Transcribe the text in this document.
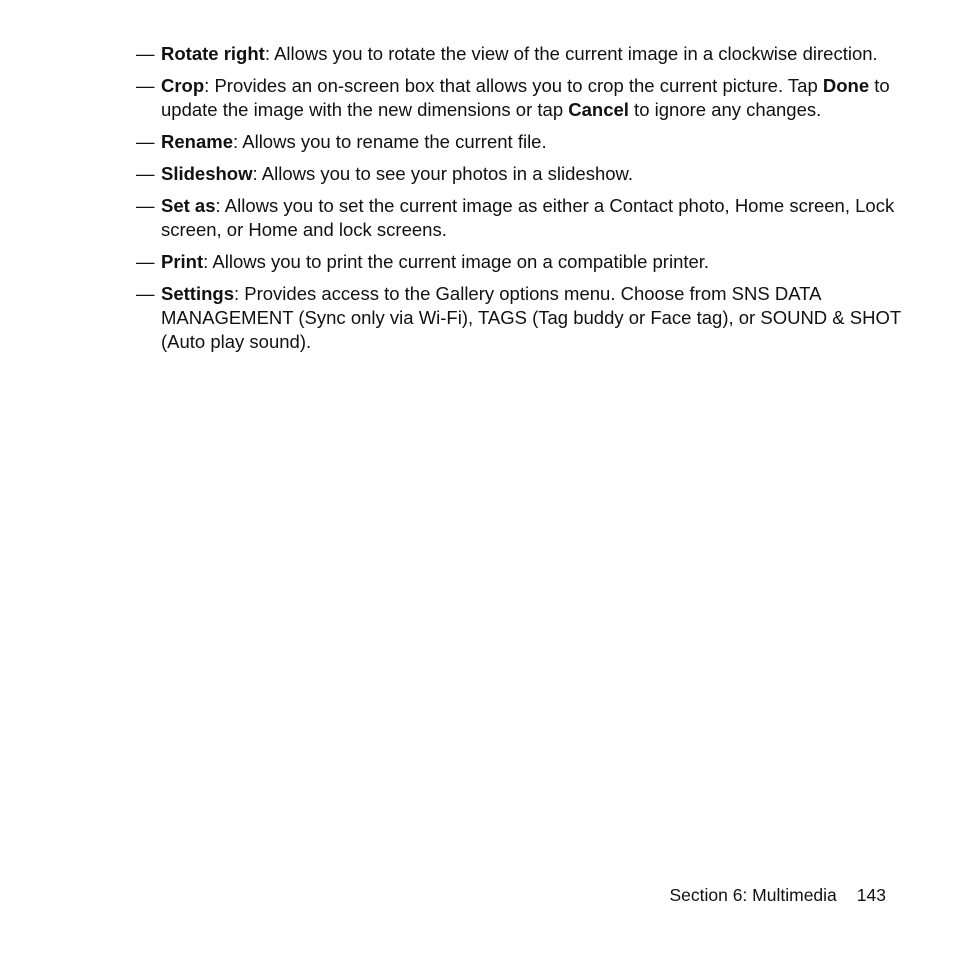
— Rotate right: Allows you to rotate the view of the current image in a clockwise direction.
— Crop: Provides an on-screen box that allows you to crop the current picture. Tap Done to update the image with the new dimensions or tap Cancel to ignore any changes.
— Rename: Allows you to rename the current file.
— Slideshow: Allows you to see your photos in a slideshow.
— Set as: Allows you to set the current image as either a Contact photo, Home screen, Lock screen, or Home and lock screens.
— Print: Allows you to print the current image on a compatible printer.
— Settings: Provides access to the Gallery options menu. Choose from SNS DATA MANAGEMENT (Sync only via Wi-Fi), TAGS (Tag buddy or Face tag), or SOUND & SHOT (Auto play sound).
Section 6: Multimedia 143
